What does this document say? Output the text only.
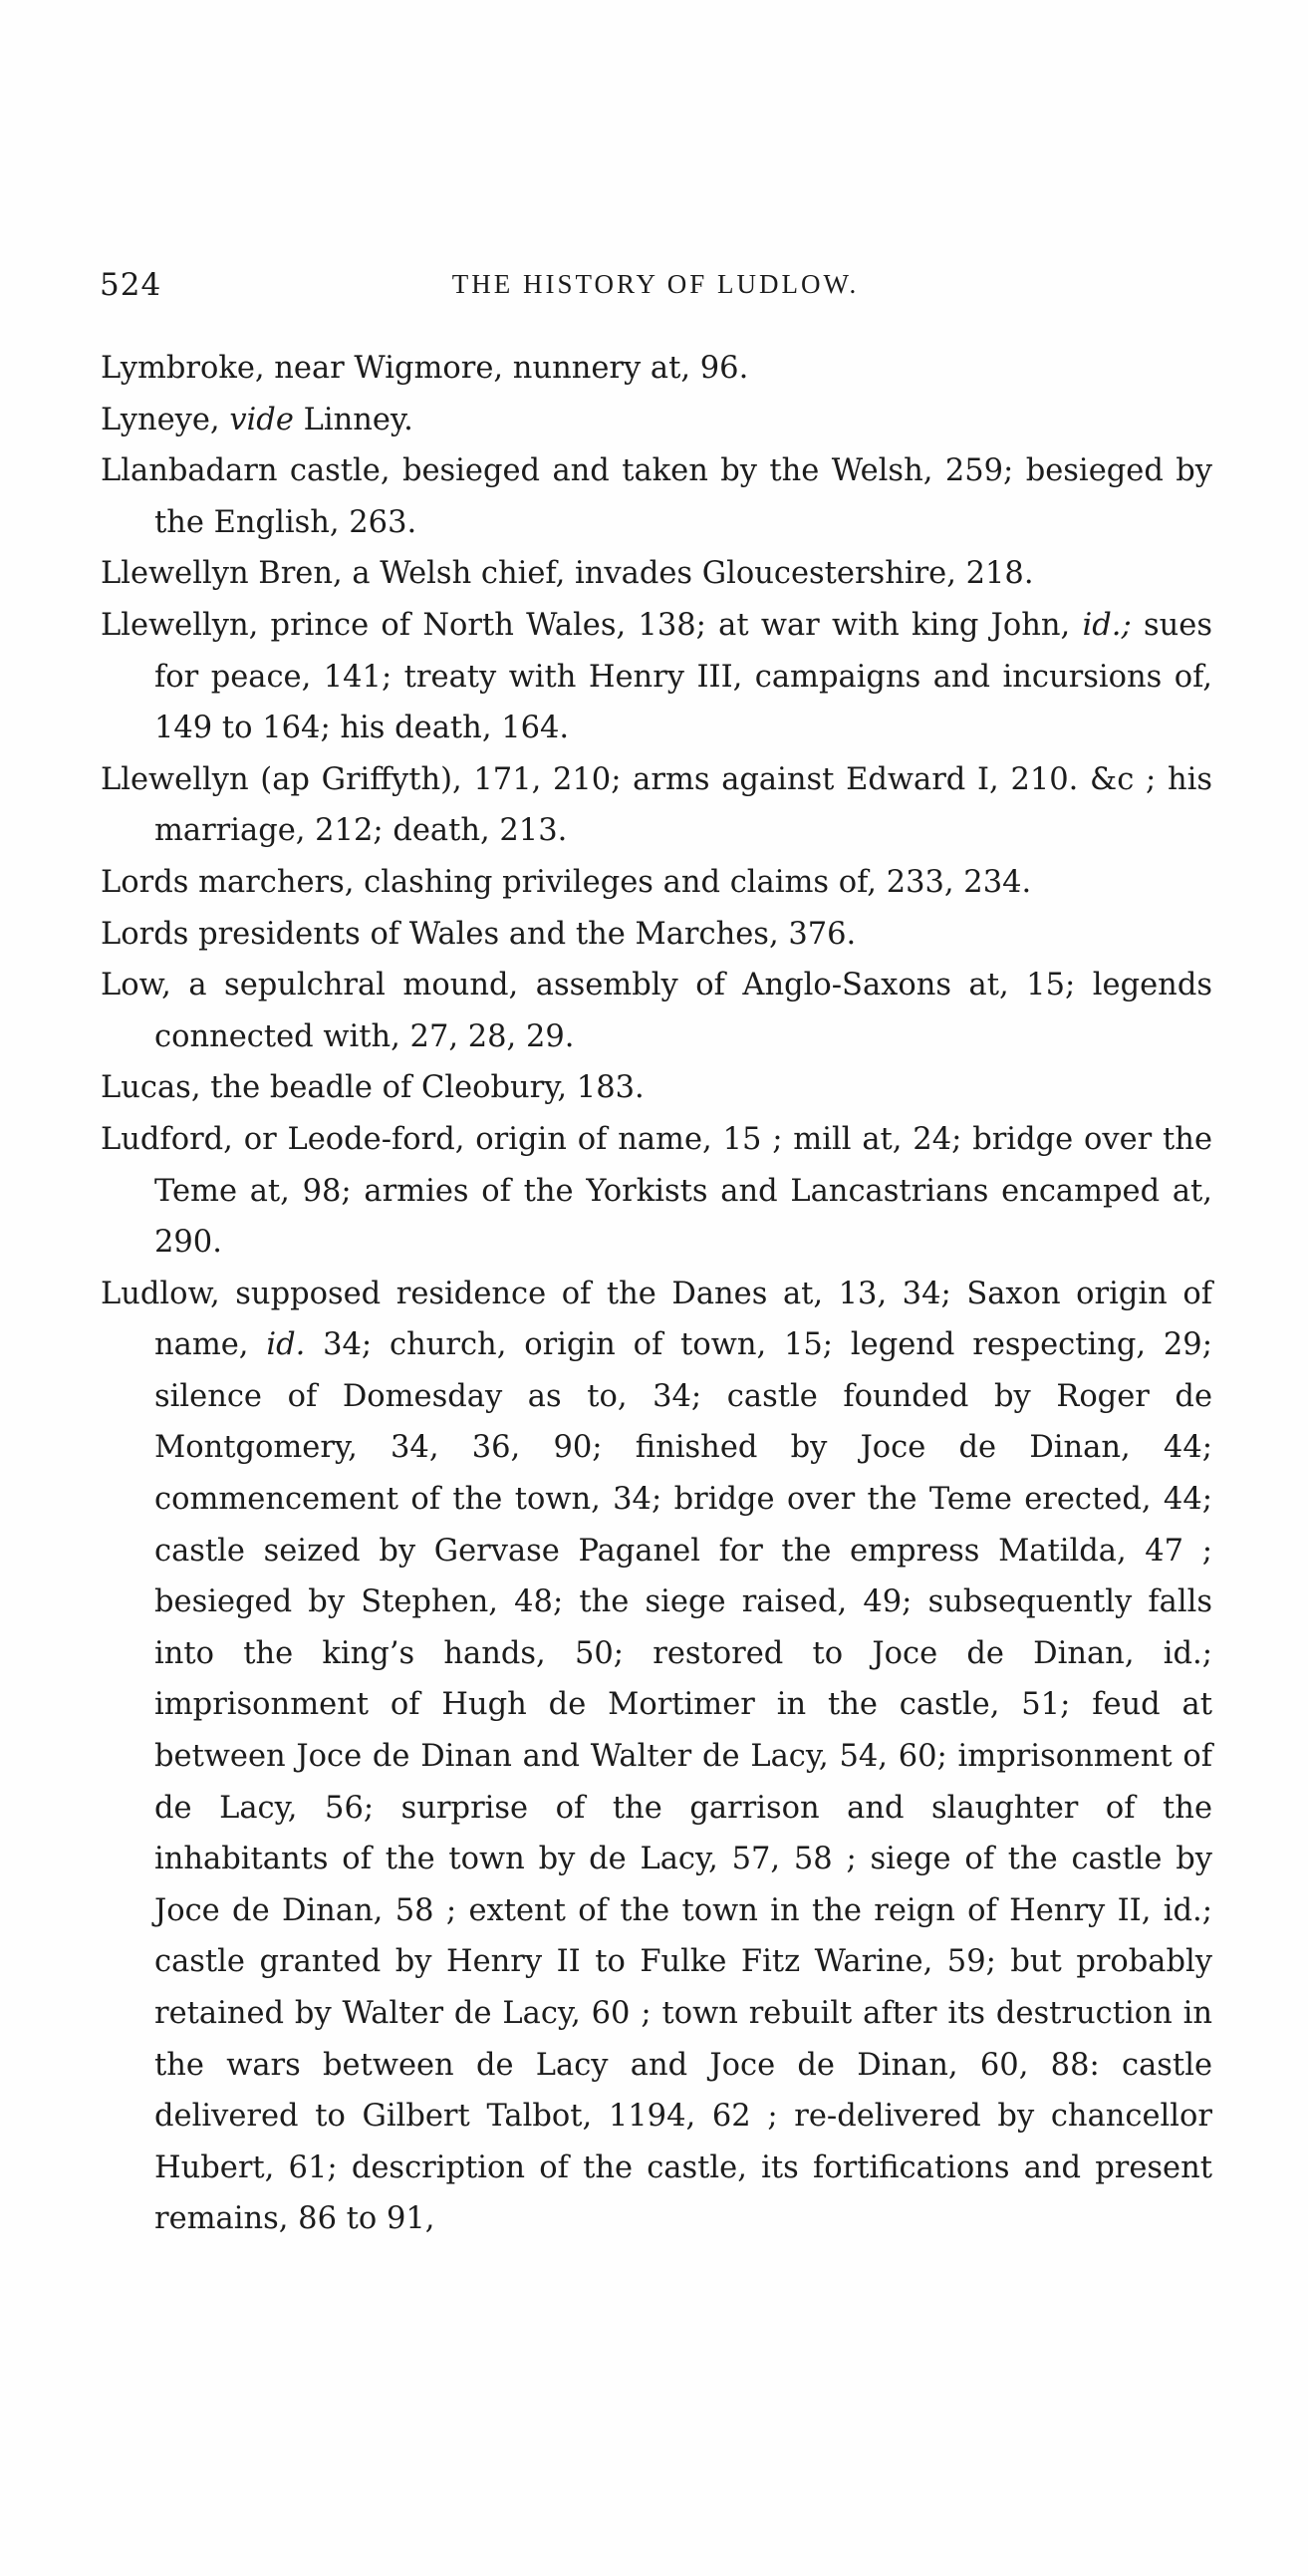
524	THE HISTORY OF LUDLOW.

Lymbroke, near Wigmore, nunnery at, 96.

Lyneye, vide Linney.

Llanbadarn castle, besieged and taken by the Welsh, 259; besieged by the English, 263.

Llewellyn Bren, a Welsh chief, invades Gloucestershire, 218.

Llewellyn, prince of North Wales, 138; at war with king John, id.; sues for peace, 141; treaty with Henry III, campaigns and incursions of, 149 to 164; his death, 164.

Llewellyn (ap Griffyth), 171, 210; arms against Edward I, 210. &c ; his marriage, 212; death, 213.

Lords marchers, clashing privileges and claims of, 233, 234.

Lords presidents of Wales and the Marches, 376.

Low, a sepulchral mound, assembly of Anglo-Saxons at, 15; legends connected with, 27, 28, 29.

Lucas, the beadle of Cleobury, 183.

Ludford, or Leode-ford, origin of name, 15 ; mill at, 24; bridge over the Teme at, 98; armies of the Yorkists and Lancastrians encamped at, 290.

Ludlow, supposed residence of the Danes at, 13, 34; Saxon origin of name, id. 34; church, origin of town, 15; legend respecting, 29; silence of Domesday as to, 34; castle founded by Roger de Montgomery, 34, 36, 90; finished by Joce de Dinan, 44; commencement of the town, 34; bridge over the Teme erected, 44; castle seized by Gervase Paganel for the empress Matilda, 47 ; besieged by Stephen, 48; the siege raised, 49; subsequently falls into the king’s hands, 50; restored to Joce de Dinan, id.; imprisonment of Hugh de Mortimer in the castle, 51; feud at between Joce de Dinan and Walter de Lacy, 54, 60; imprisonment of de Lacy, 56; surprise of the garrison and slaughter of the inhabitants of the town by de Lacy, 57, 58 ; siege of the castle by Joce de Dinan, 58 ; extent of the town in the reign of Henry II, id.; castle granted by Henry II to Fulke Fitz Warine, 59; but probably retained by Walter de Lacy, 60 ; town rebuilt after its destruction in the wars between de Lacy and Joce de Dinan, 60, 88: castle delivered to Gilbert Talbot, 1194, 62 ; re-delivered by chancellor Hubert, 61; description of the castle, its fortifications and present remains, 86 to 91,
